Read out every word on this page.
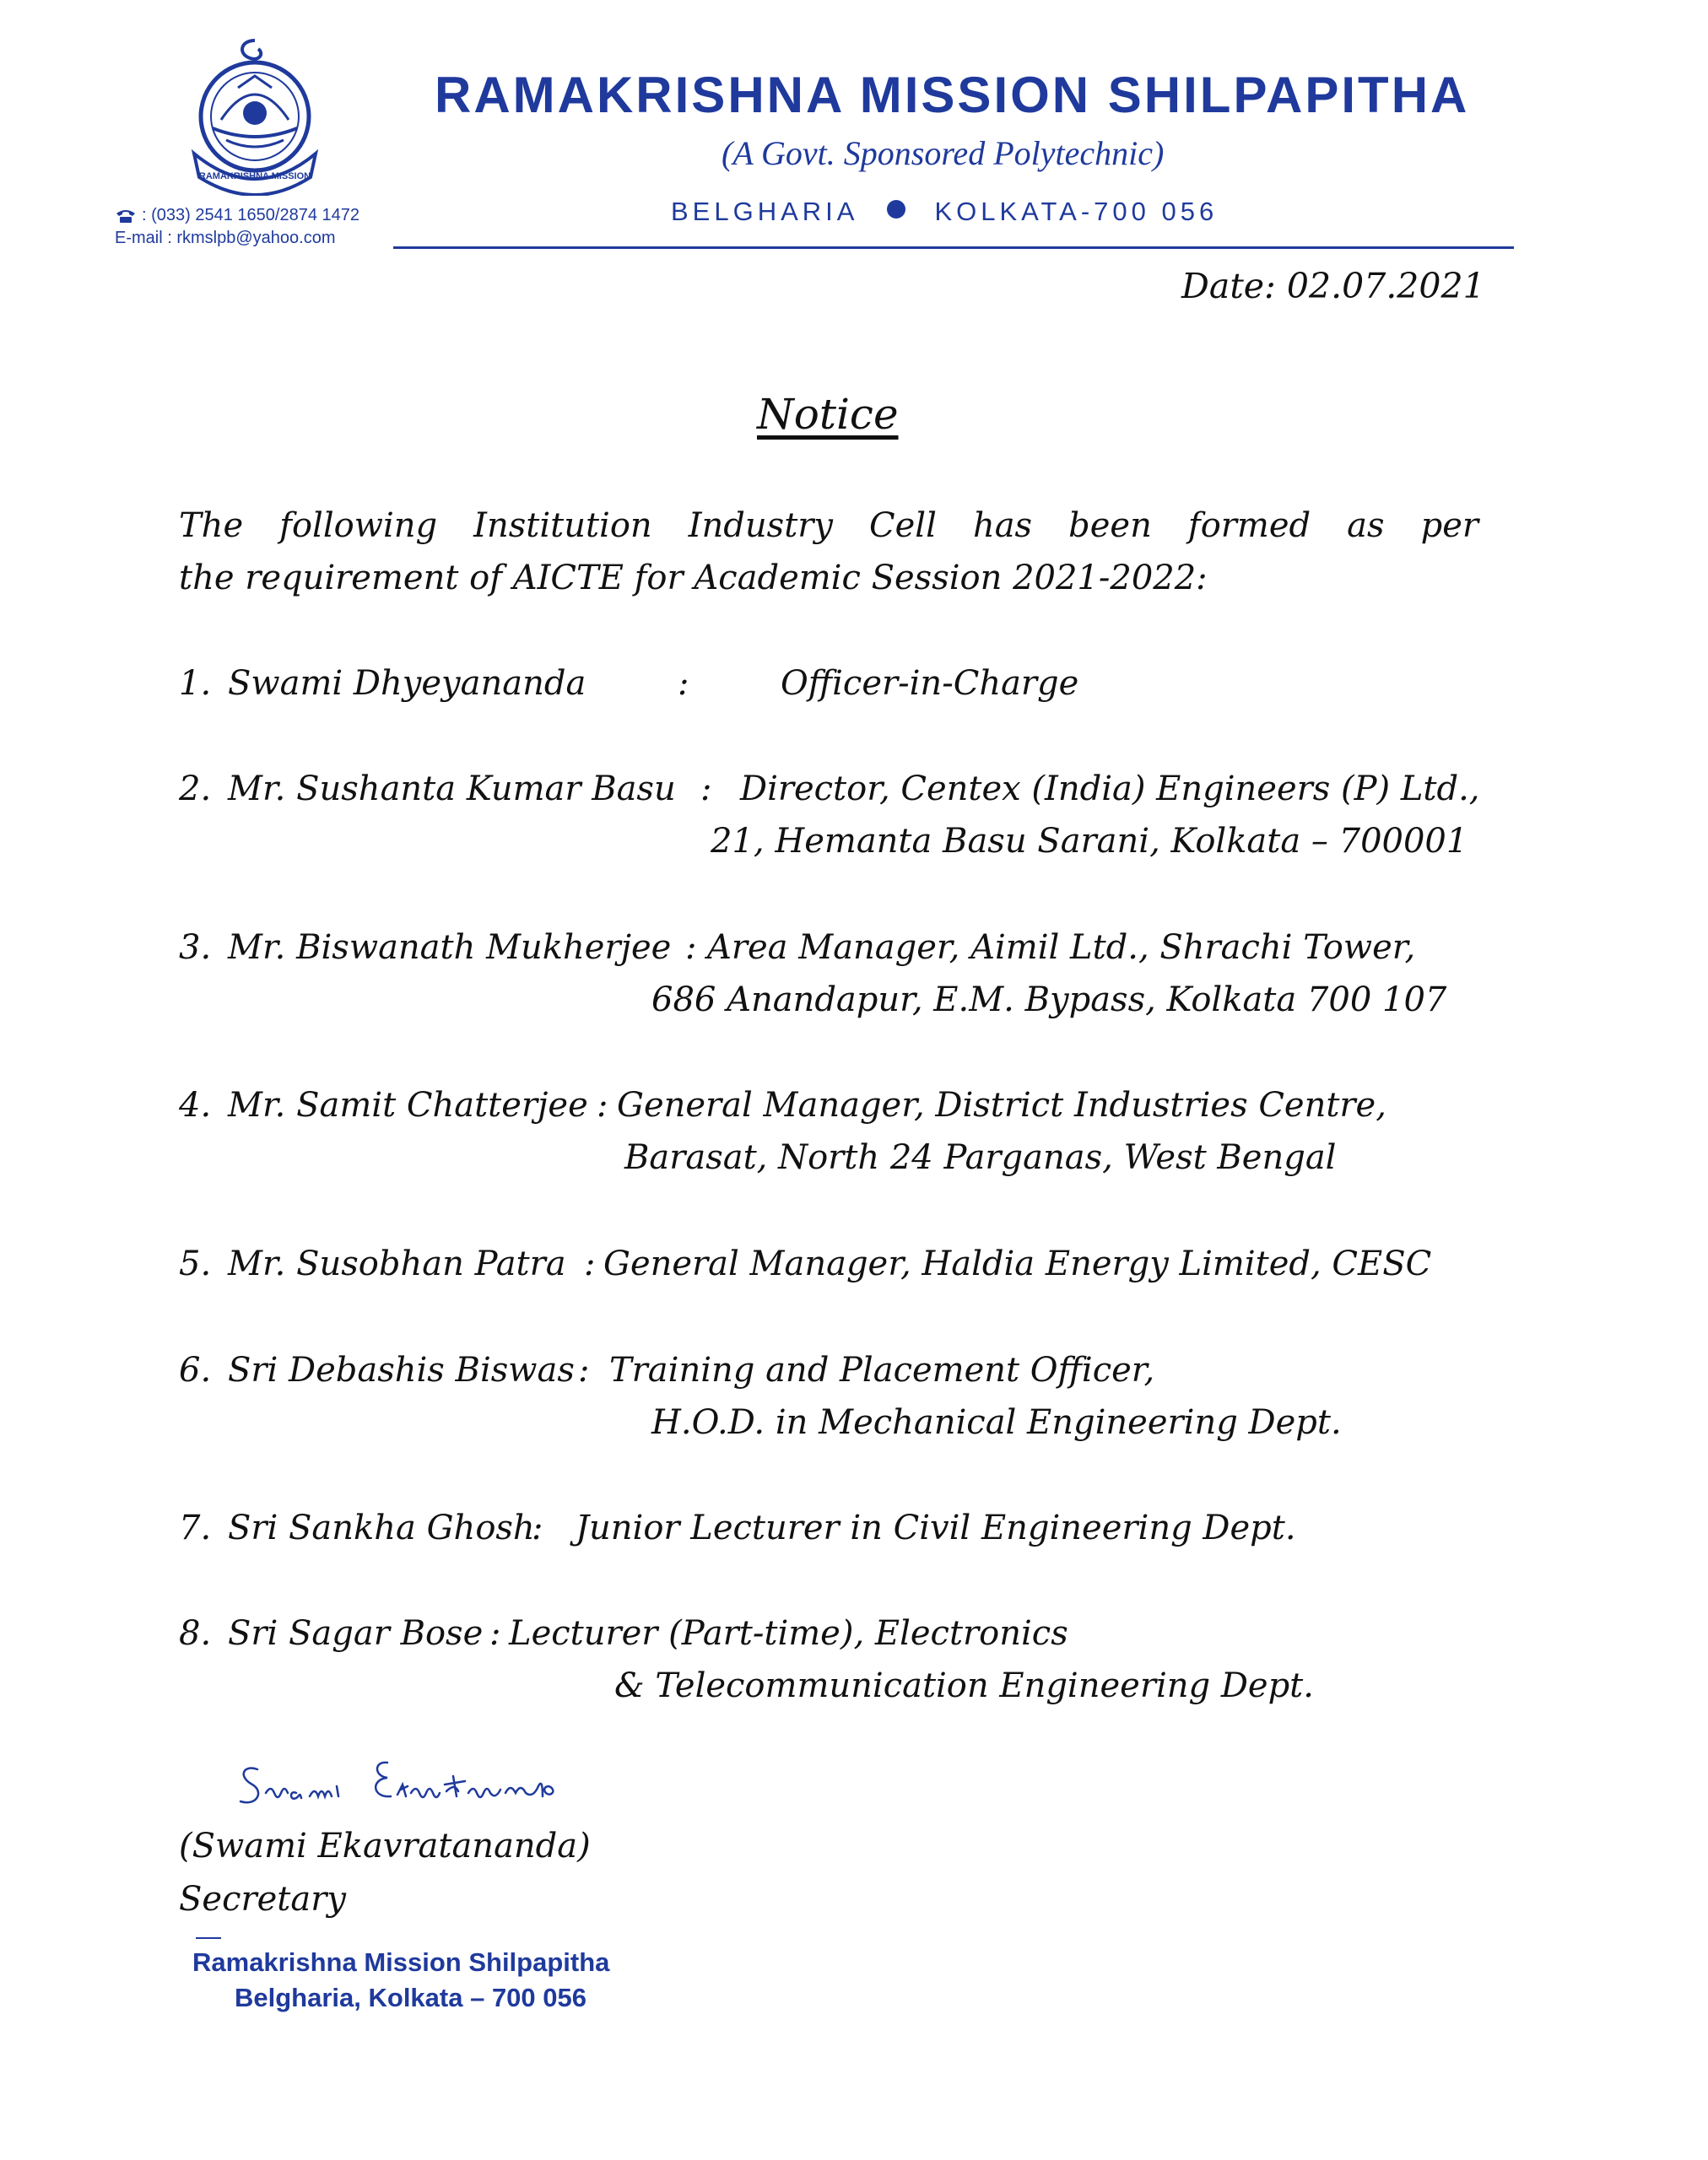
RAMAKRISHNA MISSION
RAMAKRISHNA MISSION SHILPAPITHA
(A Govt. Sponsored Polytechnic)
BELGHARIA	KOLKATA-700 056
: (033) 2541 1650/2874 1472
E-mail : rkmslpb@yahoo.com
Date: 02.07.2021
Notice
The following Institution Industry Cell has been formed as per
the requirement of AICTE for Academic Session 2021-2022:
1. Swami Dhyeyananda	:	Officer-in-Charge
2. Mr. Sushanta Kumar Basu : Director, Centex (India) Engineers (P) Ltd.,
21, Hemanta Basu Sarani, Kolkata – 700001
3. Mr. Biswanath Mukherjee : Area Manager, Aimil Ltd., Shrachi Tower,
686 Anandapur, E.M. Bypass, Kolkata 700 107
4. Mr. Samit Chatterjee : General Manager, District Industries Centre,
Barasat, North 24 Parganas, West Bengal
5. Mr. Susobhan Patra : General Manager, Haldia Energy Limited, CESC
6. Sri Debashis Biswas : Training and Placement Officer,
H.O.D. in Mechanical Engineering Dept.
7. Sri Sankha Ghosh
: Junior Lecturer in Civil Engineering Dept.
8. Sri Sagar Bose : Lecturer (Part-time), Electronics
& Telecommunication Engineering Dept.
Swami Ekavratananda
(Swami Ekavratananda)
Secretary
Ramakrishna Mission Shilpapitha
Belgharia, Kolkata – 700 056
